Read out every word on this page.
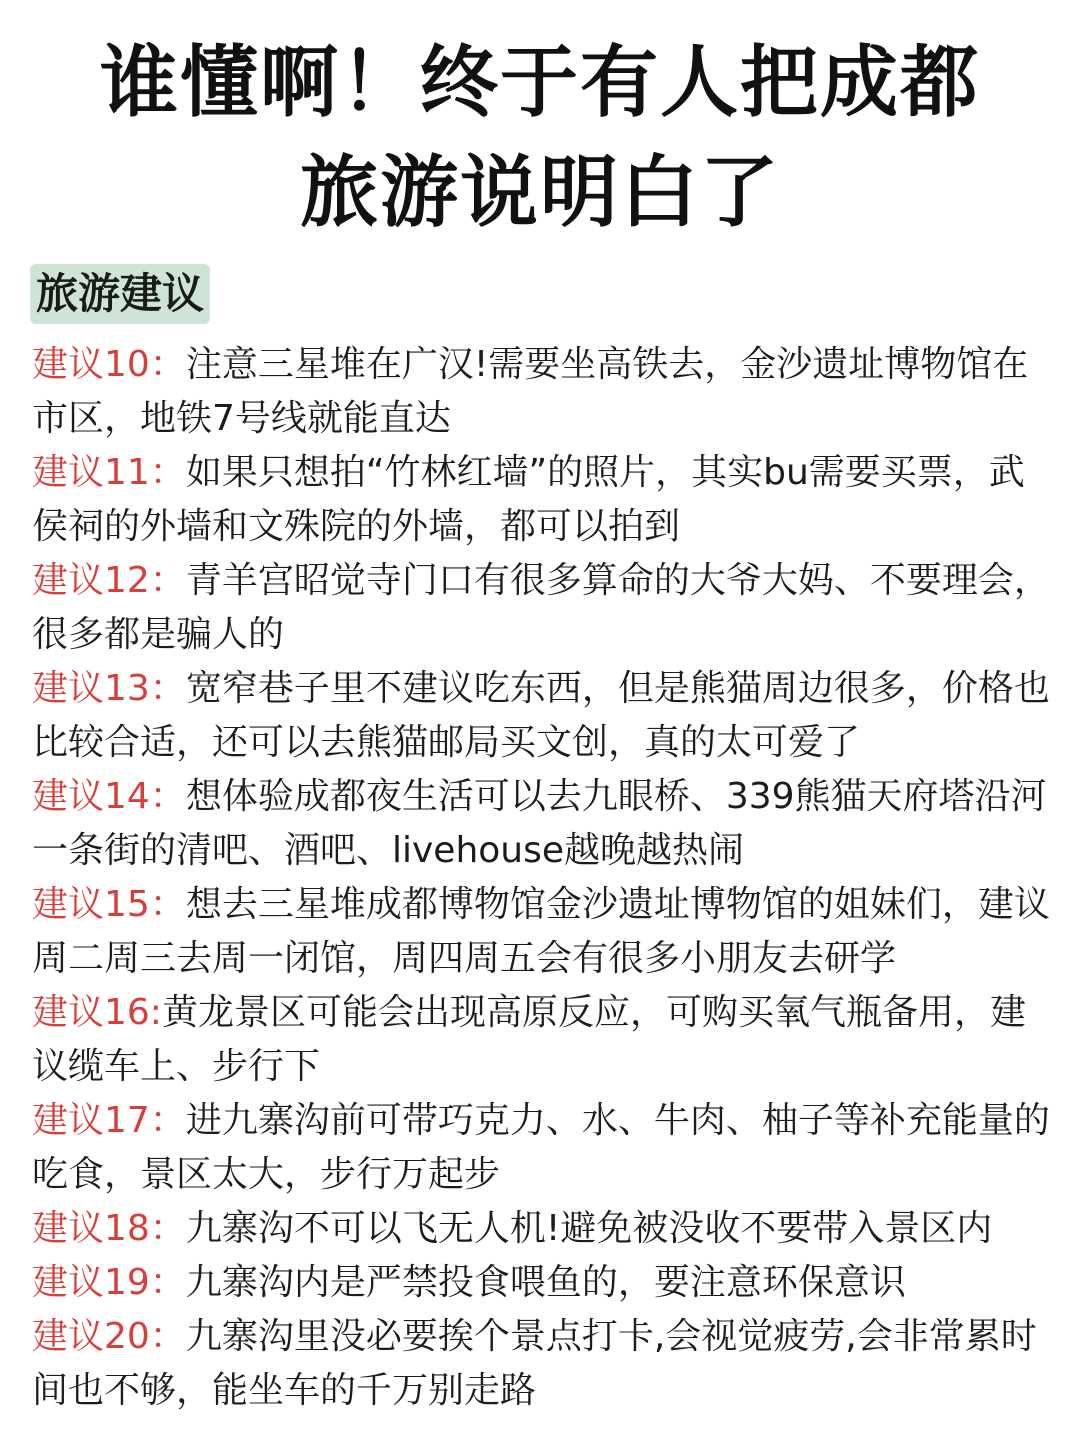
谁懂啊！终于有人把成都
旅游说明白了
旅游建议
建议10：注意三星堆在广汉!需要坐高铁去，金沙遗址博物馆在市区，地铁7号线就能直达
建议11：如果只想拍“竹林红墙”的照片，其实bu需要买票，武侯祠的外墙和文殊院的外墙，都可以拍到
建议12：青羊宫昭觉寺门口有很多算命的大爷大妈、不要理会，很多都是骗人的
建议13：宽窄巷子里不建议吃东西，但是熊猫周边很多，价格也比较合适，还可以去熊猫邮局买文创，真的太可爱了
建议14：想体验成都夜生活可以去九眼桥、339熊猫天府塔沿河一条街的清吧、酒吧、livehouse越晚越热闹
建议15：想去三星堆成都博物馆金沙遗址博物馆的姐妹们，建议周二周三去周一闭馆，周四周五会有很多小朋友去研学
建议16:黄龙景区可能会出现高原反应，可购买氧气瓶备用，建议缆车上、步行下
建议17：进九寨沟前可带巧克力、水、牛肉、柚子等补充能量的吃食，景区太大，步行万起步
建议18：九寨沟不可以飞无人机!避免被没收不要带入景区内
建议19：九寨沟内是严禁投食喂鱼的，要注意环保意识
建议20：九寨沟里没必要挨个景点打卡,会视觉疲劳,会非常累时间也不够，能坐车的千万别走路
